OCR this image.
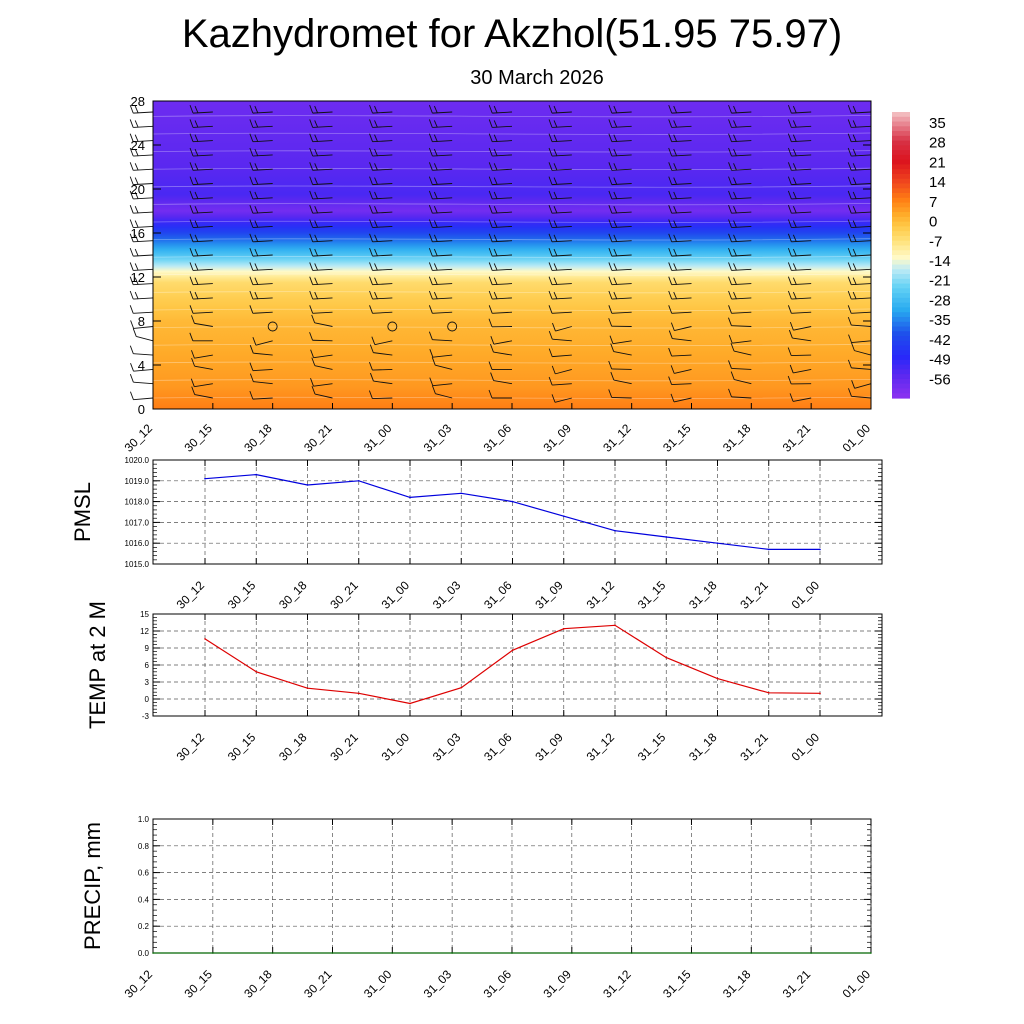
Kazhydromet for Akzhol(51.95 75.97)
30 March 2026
0
4
8
12
16
20
24
28
30_12 30_15 30_18 30_21 31_00 31_03 31_06 31_09 31_12 31_15 31_18 31_21 01_00
35
28
21
14
7
0
-7
-14
-21
-28
-35
-42
-49
-56
1015.0
1016.0
1017.0
1018.0
1019.0
1020.0
30_12 30_15 30_18 30_21 31_00 31_03 31_06 31_09 31_12 31_15 31_18 31_21 01_00
PMSL
-3
0
3
6
9
12
15
30_12 30_15 30_18 30_21 31_00 31_03 31_06 31_09 31_12 31_15 31_18 31_21 01_00
TEMP at 2 M
0.0
0.2
0.4
0.6
0.8
1.0
30_12 30_15 30_18 30_21 31_00 31_03 31_06 31_09 31_12 31_15 31_18 31_21 01_00
PRECIP, mm
